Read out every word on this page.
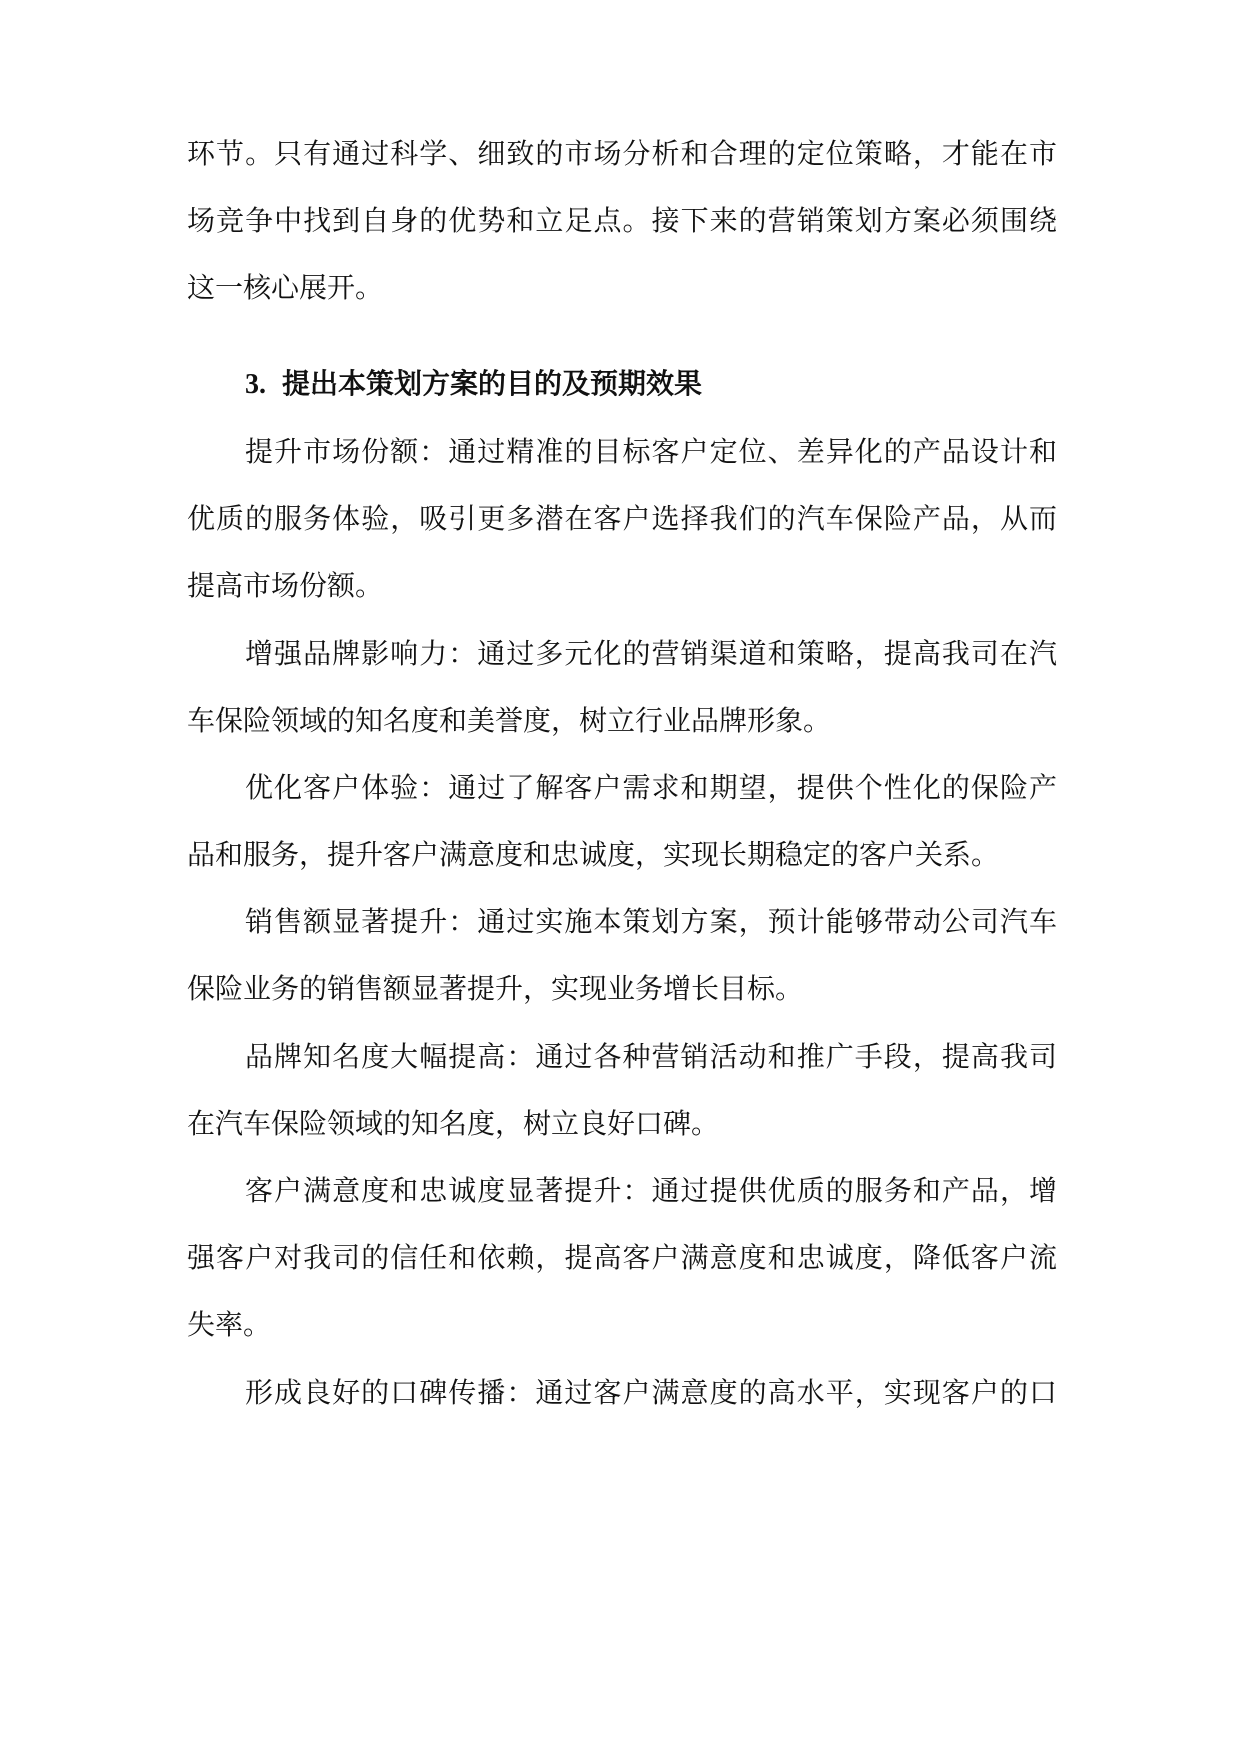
环节。只有通过科学、细致的市场分析和合理的定位策略，才能在市
场竞争中找到自身的优势和立足点。接下来的营销策划方案必须围绕
这一核心展开。
3. 提出本策划方案的目的及预期效果
提升市场份额：通过精准的目标客户定位、差异化的产品设计和
优质的服务体验，吸引更多潜在客户选择我们的汽车保险产品，从而
提高市场份额。
增强品牌影响力：通过多元化的营销渠道和策略，提高我司在汽
车保险领域的知名度和美誉度，树立行业品牌形象。
优化客户体验：通过了解客户需求和期望，提供个性化的保险产
品和服务，提升客户满意度和忠诚度，实现长期稳定的客户关系。
销售额显著提升：通过实施本策划方案，预计能够带动公司汽车
保险业务的销售额显著提升，实现业务增长目标。
品牌知名度大幅提高：通过各种营销活动和推广手段，提高我司
在汽车保险领域的知名度，树立良好口碑。
客户满意度和忠诚度显著提升：通过提供优质的服务和产品，增
强客户对我司的信任和依赖，提高客户满意度和忠诚度，降低客户流
失率。
形成良好的口碑传播：通过客户满意度的高水平，实现客户的口
